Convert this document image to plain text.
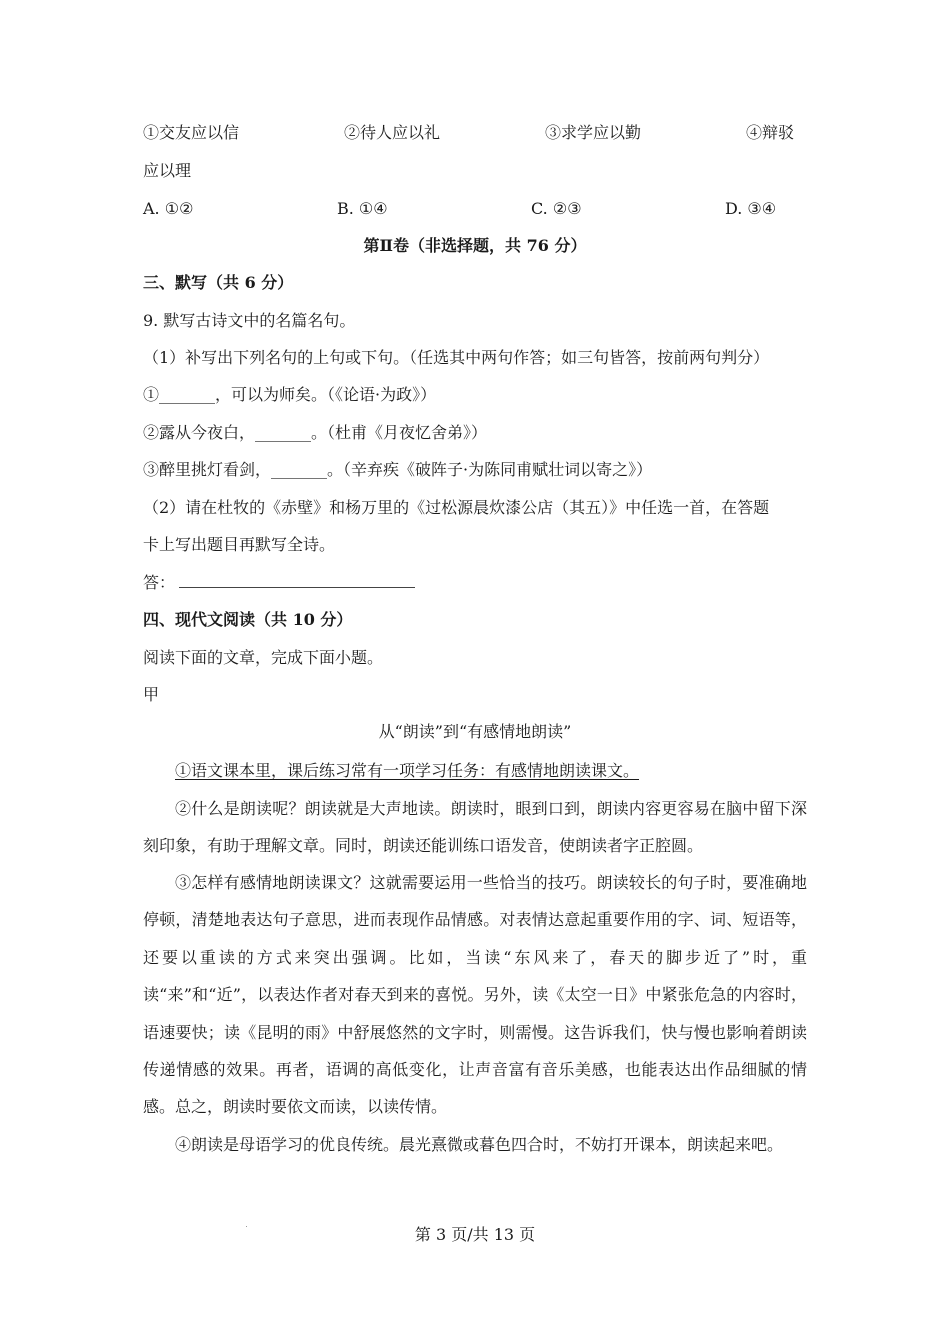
①交友应以信	②待人应以礼	③求学应以勤	④辩驳
应以理
A. ①②	B. ①④	C. ②③	D. ③④
第Ⅱ卷（非选择题，共 76 分）
三、默写（共 6 分）
9. 默写古诗文中的名篇名句。
（1）补写出下列名句的上句或下句。（任选其中两句作答；如三句皆答，按前两句判分）
①_______，可以为师矣。（《论语·为政》）
②露从今夜白，_______。（杜甫《月夜忆舍弟》）
③醉里挑灯看剑，_______。（辛弃疾《破阵子·为陈同甫赋壮词以寄之》）
（2）请在杜牧的《赤壁》和杨万里的《过松源晨炊漆公店（其五）》中任选一首，在答题
卡上写出题目再默写全诗。
答：
四、现代文阅读（共 10 分）
阅读下面的文章，完成下面小题。
甲
从“朗读”到“有感情地朗读”
①语文课本里，课后练习常有一项学习任务：有感情地朗读课文。
②什么是朗读呢？朗读就是大声地读。朗读时，眼到口到，朗读内容更容易在脑中留下深刻印象，有助于理解文章。同时，朗读还能训练口语发音，使朗读者字正腔圆。
③怎样有感情地朗读课文？这就需要运用一些恰当的技巧。朗读较长的句子时，要准确地停顿，清楚地表达句子意思，进而表现作品情感。对表情达意起重要作用的字、词、短语等，还要以重读的方式来突出强调。比如，当读“东风来了，春天的脚步近了”时，重读“来”和“近”，以表达作者对春天到来的喜悦。另外，读《太空一日》中紧张危急的内容时，语速要快；读《昆明的雨》中舒展悠然的文字时，则需慢。这告诉我们，快与慢也影响着朗读传递情感的效果。再者，语调的高低变化，让声音富有音乐美感，也能表达出作品细腻的情感。总之，朗读时要依文而读，以读传情。
④朗读是母语学习的优良传统。晨光熹微或暮色四合时，不妨打开课本，朗读起来吧。
第 3 页/共 13 页
